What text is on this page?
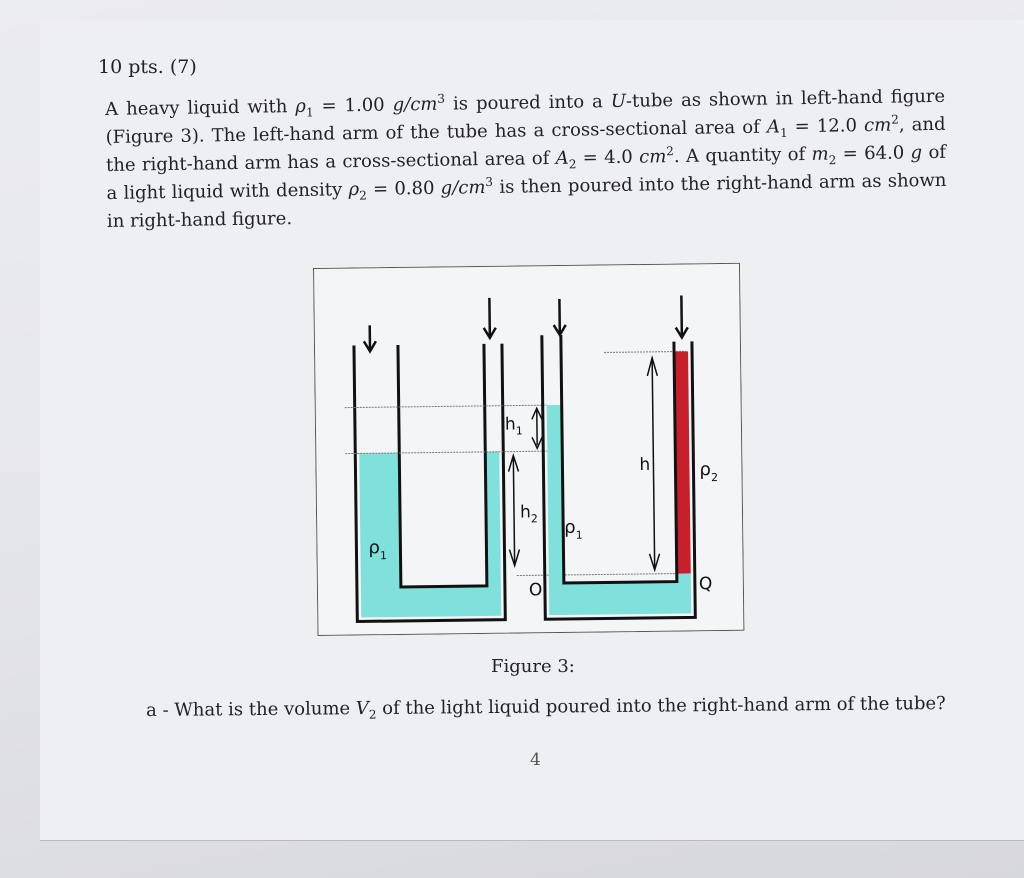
10 pts. (7)
A heavy liquid with $\rho_1 = 1.00$ $g/cm^3$ is poured into a U-tube as shown in left-hand figure (Figure 3). The left-hand arm of the tube has a cross-sectional area of $A_1 = 12.0$ $cm^2$, and the right-hand arm has a cross-sectional area of $A_2 = 4.0$ $cm^2$. A quantity of $m_2 = 64.0$ g of a light liquid with density $\rho_2 = 0.80$ $g/cm^3$ is then poured into the right-hand arm as shown in right-hand figure.
$\rho_1$
$h_1$
$h_2$ $\rho_1$
O
h	$\rho_2$
Q
Figure 3:
a - What is the volume $V_2$ of the light liquid poured into the right-hand arm of the tube?
4
